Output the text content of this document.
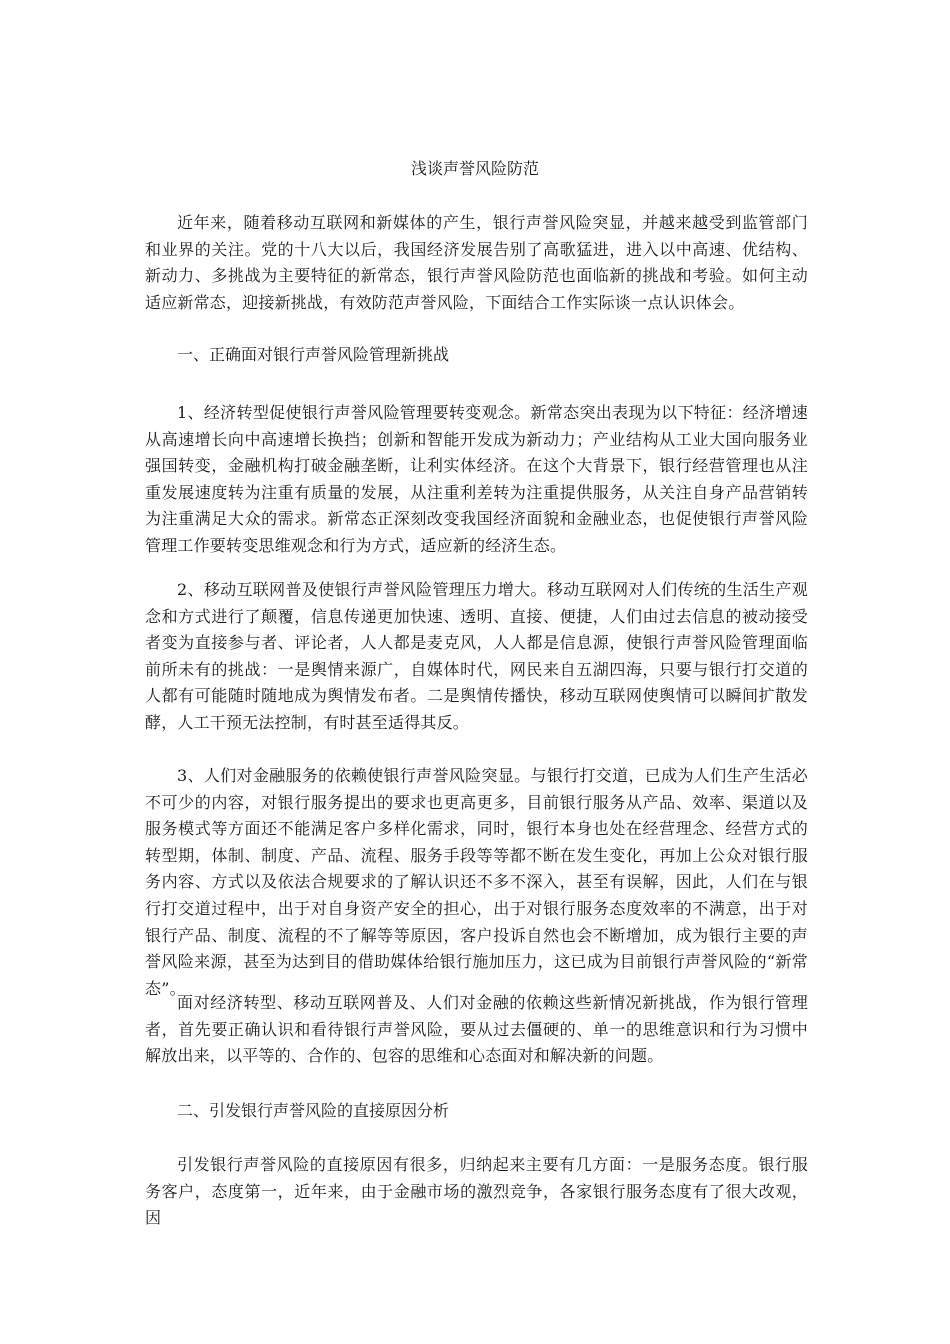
浅谈声誉风险防范

近年来，随着移动互联网和新媒体的产生，银行声誉风险突显，并越来越受到监管部门和业界的关注。党的十八大以后，我国经济发展告别了高歌猛进，进入以中高速、优结构、新动力、多挑战为主要特征的新常态，银行声誉风险防范也面临新的挑战和考验。如何主动适应新常态，迎接新挑战，有效防范声誉风险，下面结合工作实际谈一点认识体会。

一、正确面对银行声誉风险管理新挑战

1、经济转型促使银行声誉风险管理要转变观念。新常态突出表现为以下特征：经济增速从高速增长向中高速增长换挡；创新和智能开发成为新动力；产业结构从工业大国向服务业强国转变，金融机构打破金融垄断，让利实体经济。在这个大背景下，银行经营管理也从注重发展速度转为注重有质量的发展，从注重利差转为注重提供服务，从关注自身产品营销转为注重满足大众的需求。新常态正深刻改变我国经济面貌和金融业态，也促使银行声誉风险管理工作要转变思维观念和行为方式，适应新的经济生态。

2、移动互联网普及使银行声誉风险管理压力增大。移动互联网对人们传统的生活生产观念和方式进行了颠覆，信息传递更加快速、透明、直接、便捷，人们由过去信息的被动接受者变为直接参与者、评论者，人人都是麦克风，人人都是信息源，使银行声誉风险管理面临前所未有的挑战：一是舆情来源广，自媒体时代，网民来自五湖四海，只要与银行打交道的人都有可能随时随地成为舆情发布者。二是舆情传播快，移动互联网使舆情可以瞬间扩散发酵，人工干预无法控制，有时甚至适得其反。

3、人们对金融服务的依赖使银行声誉风险突显。与银行打交道，已成为人们生产生活必不可少的内容，对银行服务提出的要求也更高更多，目前银行服务从产品、效率、渠道以及服务模式等方面还不能满足客户多样化需求，同时，银行本身也处在经营理念、经营方式的转型期，体制、制度、产品、流程、服务手段等等都不断在发生变化，再加上公众对银行服务内容、方式以及依法合规要求的了解认识还不多不深入，甚至有误解，因此，人们在与银行打交道过程中，出于对自身资产安全的担心，出于对银行服务态度效率的不满意，出于对银行产品、制度、流程的不了解等等原因，客户投诉自然也会不断增加，成为银行主要的声誉风险来源，甚至为达到目的借助媒体给银行施加压力，这已成为目前银行声誉风险的“新常态”。

面对经济转型、移动互联网普及、人们对金融的依赖这些新情况新挑战，作为银行管理者，首先要正确认识和看待银行声誉风险，要从过去僵硬的、单一的思维意识和行为习惯中解放出来，以平等的、合作的、包容的思维和心态面对和解决新的问题。

二、引发银行声誉风险的直接原因分析

引发银行声誉风险的直接原因有很多，归纳起来主要有几方面：一是服务态度。银行服务客户，态度第一，近年来，由于金融市场的激烈竞争，各家银行服务态度有了很大改观，因
